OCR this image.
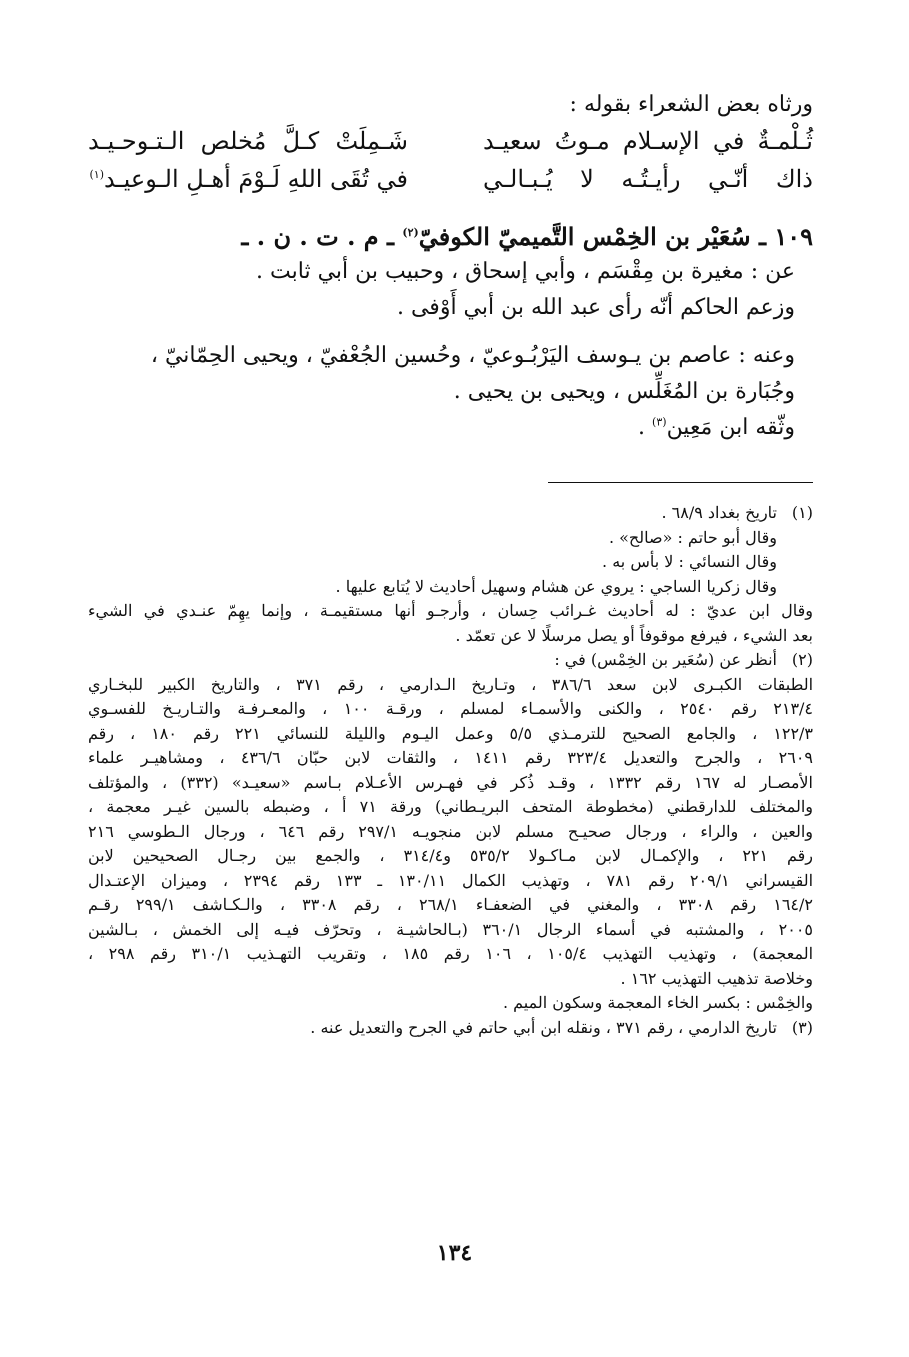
ورثاه بعض الشعراء بقوله :
ثُـلْمـةٌ في الإسـلام مـوتُ سعيـد
شَـمِلَتْ كـلَّ مُخلص الـتـوحـيـد
ذاك أنّـي رأيـتُـه لا يُـبـالـي
في تُقَى اللهِ لَـوْمَ أهـلِ الـوعيـد$^{(١)}$
١٠٩ ـ سُعَيْر بن الخِمْس التَّميميّ الكوفيّ$^{(٢)}$ ـ م . ت . ن . ـ
عن : مغيرة بن مِقْسَم ، وأبي إسحاق ، وحبيب بن أبي ثابت .
وزعم الحاكم أنّه رأى عبد الله بن أبي أَوْفى .
وعنه : عاصم بن يـوسف اليَرْبُـوعيّ ، وحُسين الجُعْفيّ ، ويحيى الحِمّانيّ ،
وجُبَارة بن المُغَلِّس ، ويحيى بن يحيى .
وثّقه ابن مَعِين$^{(٣)}$ .
(١)
تاريخ بغداد ٦٨/٩ .
وقال أبو حاتم : «صالح» .
وقال النسائي : لا بأس به .
وقال زكريا الساجي : يروي عن هشام وسهيل أحاديث لا يُتابع عليها .
وقال ابن عديّ : له أحاديث غـرائب حِسان ، وأرجـو أنها مستقيمـة ، وإنما يهِمّ عنـدي في الشيء
بعد الشيء ، فيرفع موقوفاً أو يصل مرسلًا لا عن تعمّد .
(٢)
أنظر عن (سُعَير بن الخِمْس) في :
الطبقات الكبـرى لابن سعد ٣٨٦/٦ ، وتـاريخ الـدارمي ، رقم ٣٧١ ، والتاريخ الكبير للبخـاري
٢١٣/٤ رقم ٢٥٤٠ ، والكنى والأسمـاء لمسلم ، ورقـة ١٠٠ ، والمعـرفـة والتـاريـخ للفسـوي
١٢٢/٣ ، والجامع الصحيح للترمـذي ٥/٥ وعمل اليـوم والليلة للنسائي ٢٢١ رقم ١٨٠ ، رقم
٢٦٠٩ ، والجرح والتعديل ٣٢٣/٤ رقم ١٤١١ ، والثقات لابن حبّان ٤٣٦/٦ ، ومشاهيـر علماء
الأمصـار له ١٦٧ رقم ١٣٣٢ ، وقـد ذُكر في فهـرس الأعـلام بـاسم «سعيـد» (٣٣٢) ، والمؤتلف
والمختلف للدارقطني (مخطوطة المتحف البريـطاني) ورقة ٧١ أ ، وضبطه بالسين غيـر معجمة ،
والعين ، والراء ، ورجال صحيـح مسلم لابن منجويـه ٢٩٧/١ رقم ٦٤٦ ، ورجال الـطوسي ٢١٦
رقم ٢٢١ ، والإكمـال لابن مـاكـولا ٥٣٥/٢ و٣١٤/٤ ، والجمع بين رجـال الصحيحين لابن
القيسراني ٢٠٩/١ رقم ٧٨١ ، وتهذيب الكمال ١٣٠/١١ ـ ١٣٣ رقم ٢٣٩٤ ، وميزان الإعتـدال
١٦٤/٢ رقم ٣٣٠٨ ، والمغني في الضعفـاء ٢٦٨/١ ، رقم ٣٣٠٨ ، والـكـاشف ٢٩٩/١ رقـم
٢٠٠٥ ، والمشتبه في أسماء الرجال ٣٦٠/١ (بـالحاشيـة ، وتحرّف فيـه إلى الخمش ، بـالشين
المعجمة) ، وتهذيب التهذيب ١٠٥/٤ ، ١٠٦ رقم ١٨٥ ، وتقريب التهـذيب ٣١٠/١ رقم ٢٩٨ ،
وخلاصة تذهيب التهذيب ١٦٢ .
والخِمْس : بكسر الخاء المعجمة وسكون الميم .
(٣)
تاريخ الدارمي ، رقم ٣٧١ ، ونقله ابن أبي حاتم في الجرح والتعديل عنه .
١٣٤
